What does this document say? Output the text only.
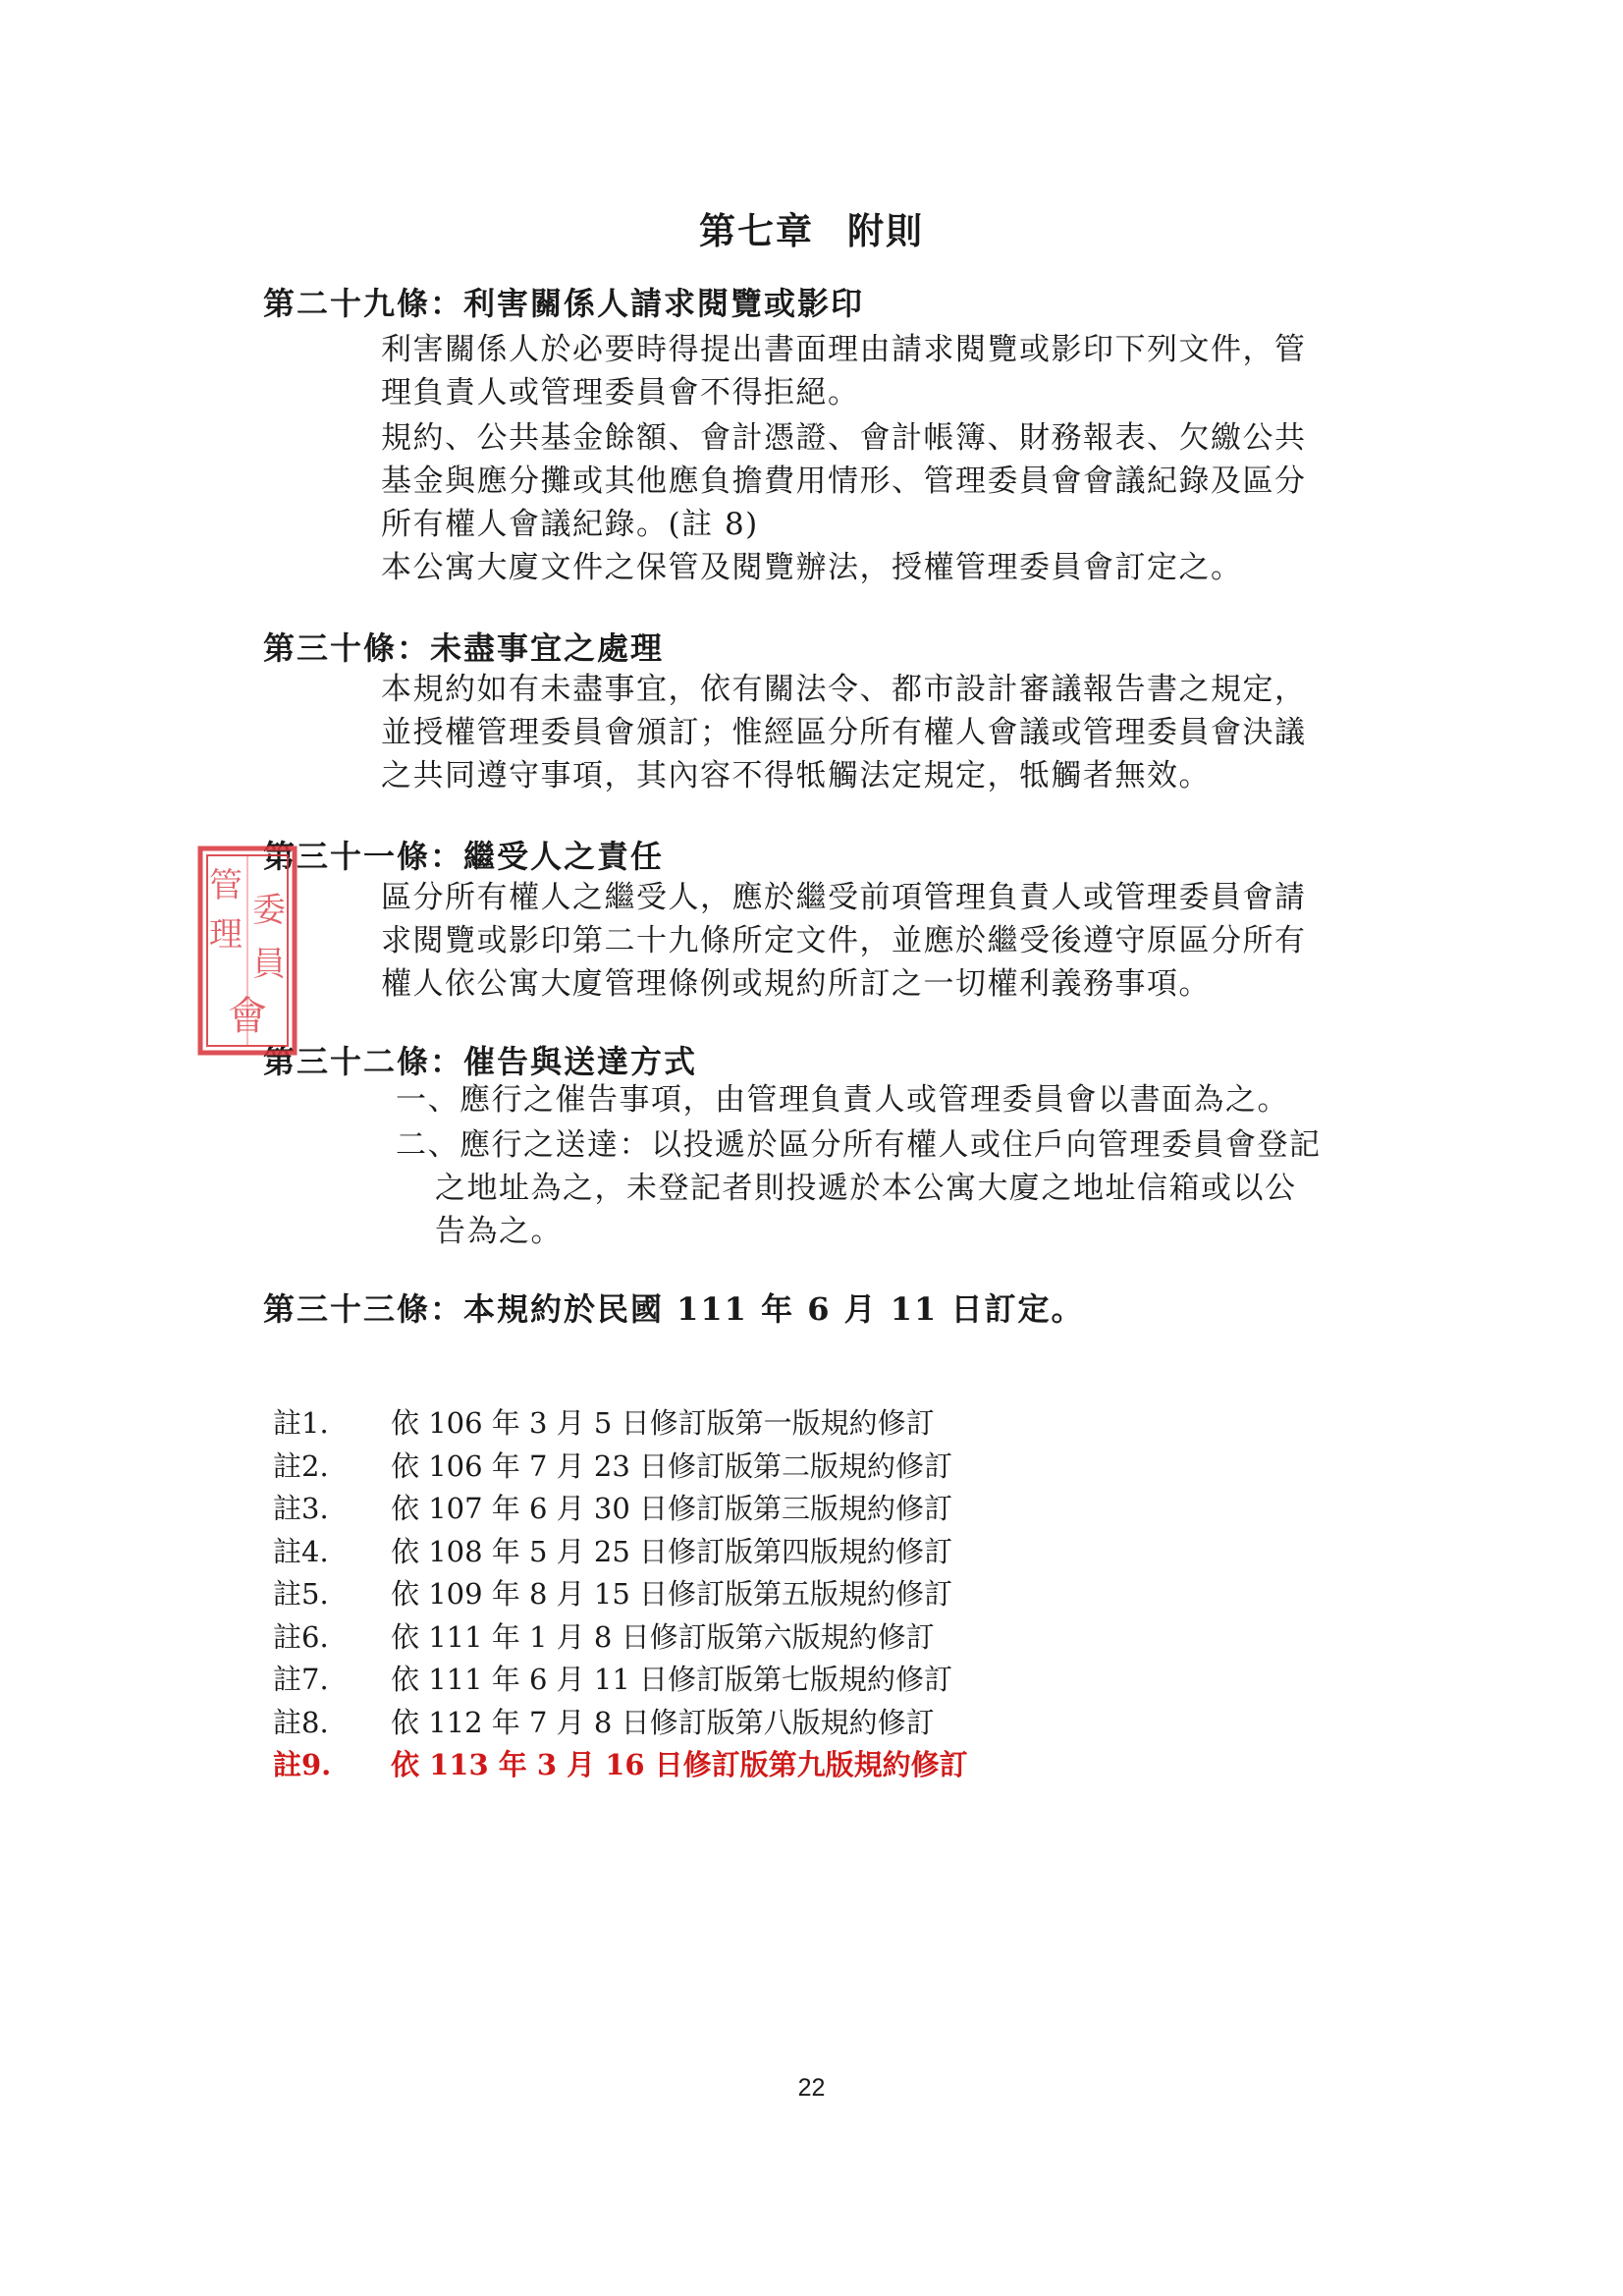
第七章 附則
第二十九條：利害關係人請求閱覽或影印
利害關係人於必要時得提出書面理由請求閱覽或影印下列文件，管
理負責人或管理委員會不得拒絕。
規約、公共基金餘額、會計憑證、會計帳簿、財務報表、欠繳公共
基金與應分攤或其他應負擔費用情形、管理委員會會議紀錄及區分
所有權人會議紀錄。(註 8)
本公寓大廈文件之保管及閱覽辦法，授權管理委員會訂定之。
第三十條：未盡事宜之處理
本規約如有未盡事宜，依有關法令、都市設計審議報告書之規定，
並授權管理委員會頒訂；惟經區分所有權人會議或管理委員會決議
之共同遵守事項，其內容不得牴觸法定規定，牴觸者無效。
第三十一條：繼受人之責任
區分所有權人之繼受人，應於繼受前項管理負責人或管理委員會請
求閱覽或影印第二十九條所定文件，並應於繼受後遵守原區分所有
權人依公寓大廈管理條例或規約所訂之一切權利義務事項。
第三十二條：催告與送達方式
一、應行之催告事項，由管理負責人或管理委員會以書面為之。
二、應行之送達：以投遞於區分所有權人或住戶向管理委員會登記
之地址為之，未登記者則投遞於本公寓大廈之地址信箱或以公
告為之。
第三十三條：本規約於民國 111 年 6 月 11 日訂定。
註1. 依 106 年 3 月 5 日修訂版第一版規約修訂
註2. 依 106 年 7 月 23 日修訂版第二版規約修訂
註3. 依 107 年 6 月 30 日修訂版第三版規約修訂
註4. 依 108 年 5 月 25 日修訂版第四版規約修訂
註5. 依 109 年 8 月 15 日修訂版第五版規約修訂
註6. 依 111 年 1 月 8 日修訂版第六版規約修訂
註7. 依 111 年 6 月 11 日修訂版第七版規約修訂
註8. 依 112 年 7 月 8 日修訂版第八版規約修訂
註9. 依 113 年 3 月 16 日修訂版第九版規約修訂
管
理
委
員
會
22
